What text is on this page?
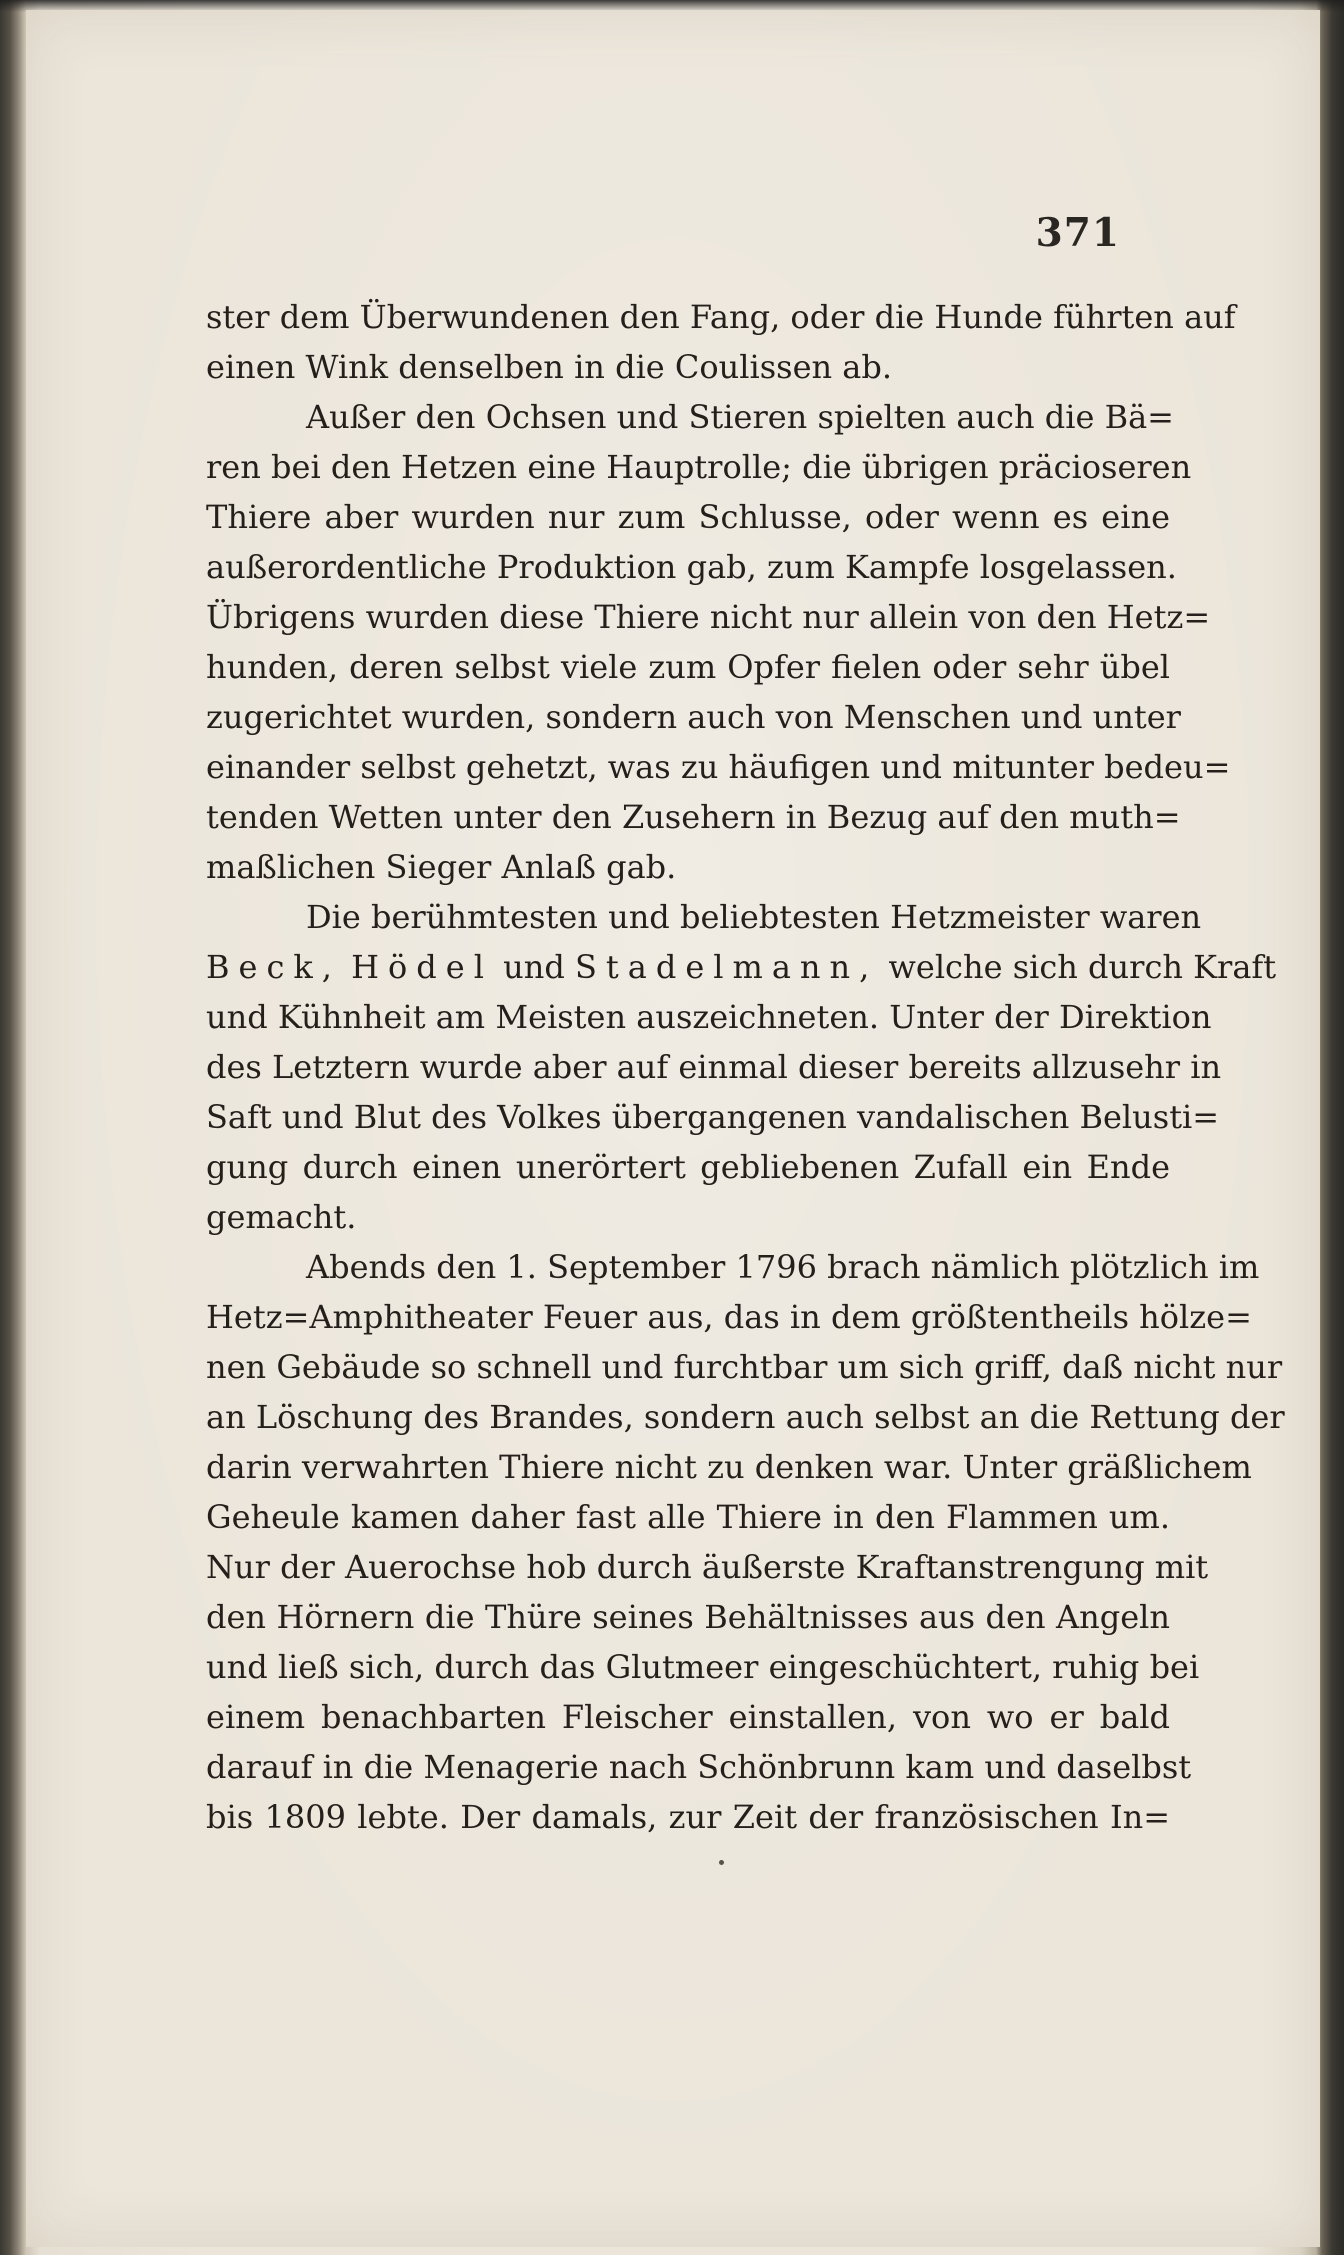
371
ster dem Überwundenen den Fang, oder die Hunde führten auf
einen Wink denselben in die Coulissen ab.
Außer den Ochsen und Stieren spielten auch die Bä=
ren bei den Hetzen eine Hauptrolle; die übrigen präcioseren
Thiere aber wurden nur zum Schlusse, oder wenn es eine
außerordentliche Produktion gab, zum Kampfe losgelassen.
Übrigens wurden diese Thiere nicht nur allein von den Hetz=
hunden, deren selbst viele zum Opfer fielen oder sehr übel
zugerichtet wurden, sondern auch von Menschen und unter
einander selbst gehetzt, was zu häufigen und mitunter bedeu=
tenden Wetten unter den Zusehern in Bezug auf den muth=
maßlichen Sieger Anlaß gab.
Die berühmtesten und beliebtesten Hetzmeister waren
Beck, Hödel und Stadelmann, welche sich durch Kraft
und Kühnheit am Meisten auszeichneten. Unter der Direktion
des Letztern wurde aber auf einmal dieser bereits allzusehr in
Saft und Blut des Volkes übergangenen vandalischen Belusti=
gung durch einen unerörtert gebliebenen Zufall ein Ende
gemacht.
Abends den 1. September 1796 brach nämlich plötzlich im
Hetz=Amphitheater Feuer aus, das in dem größtentheils hölze=
nen Gebäude so schnell und furchtbar um sich griff, daß nicht nur
an Löschung des Brandes, sondern auch selbst an die Rettung der
darin verwahrten Thiere nicht zu denken war. Unter gräßlichem
Geheule kamen daher fast alle Thiere in den Flammen um.
Nur der Auerochse hob durch äußerste Kraftanstrengung mit
den Hörnern die Thüre seines Behältnisses aus den Angeln
und ließ sich, durch das Glutmeer eingeschüchtert, ruhig bei
einem benachbarten Fleischer einstallen, von wo er bald
darauf in die Menagerie nach Schönbrunn kam und daselbst
bis 1809 lebte. Der damals, zur Zeit der französischen In=
